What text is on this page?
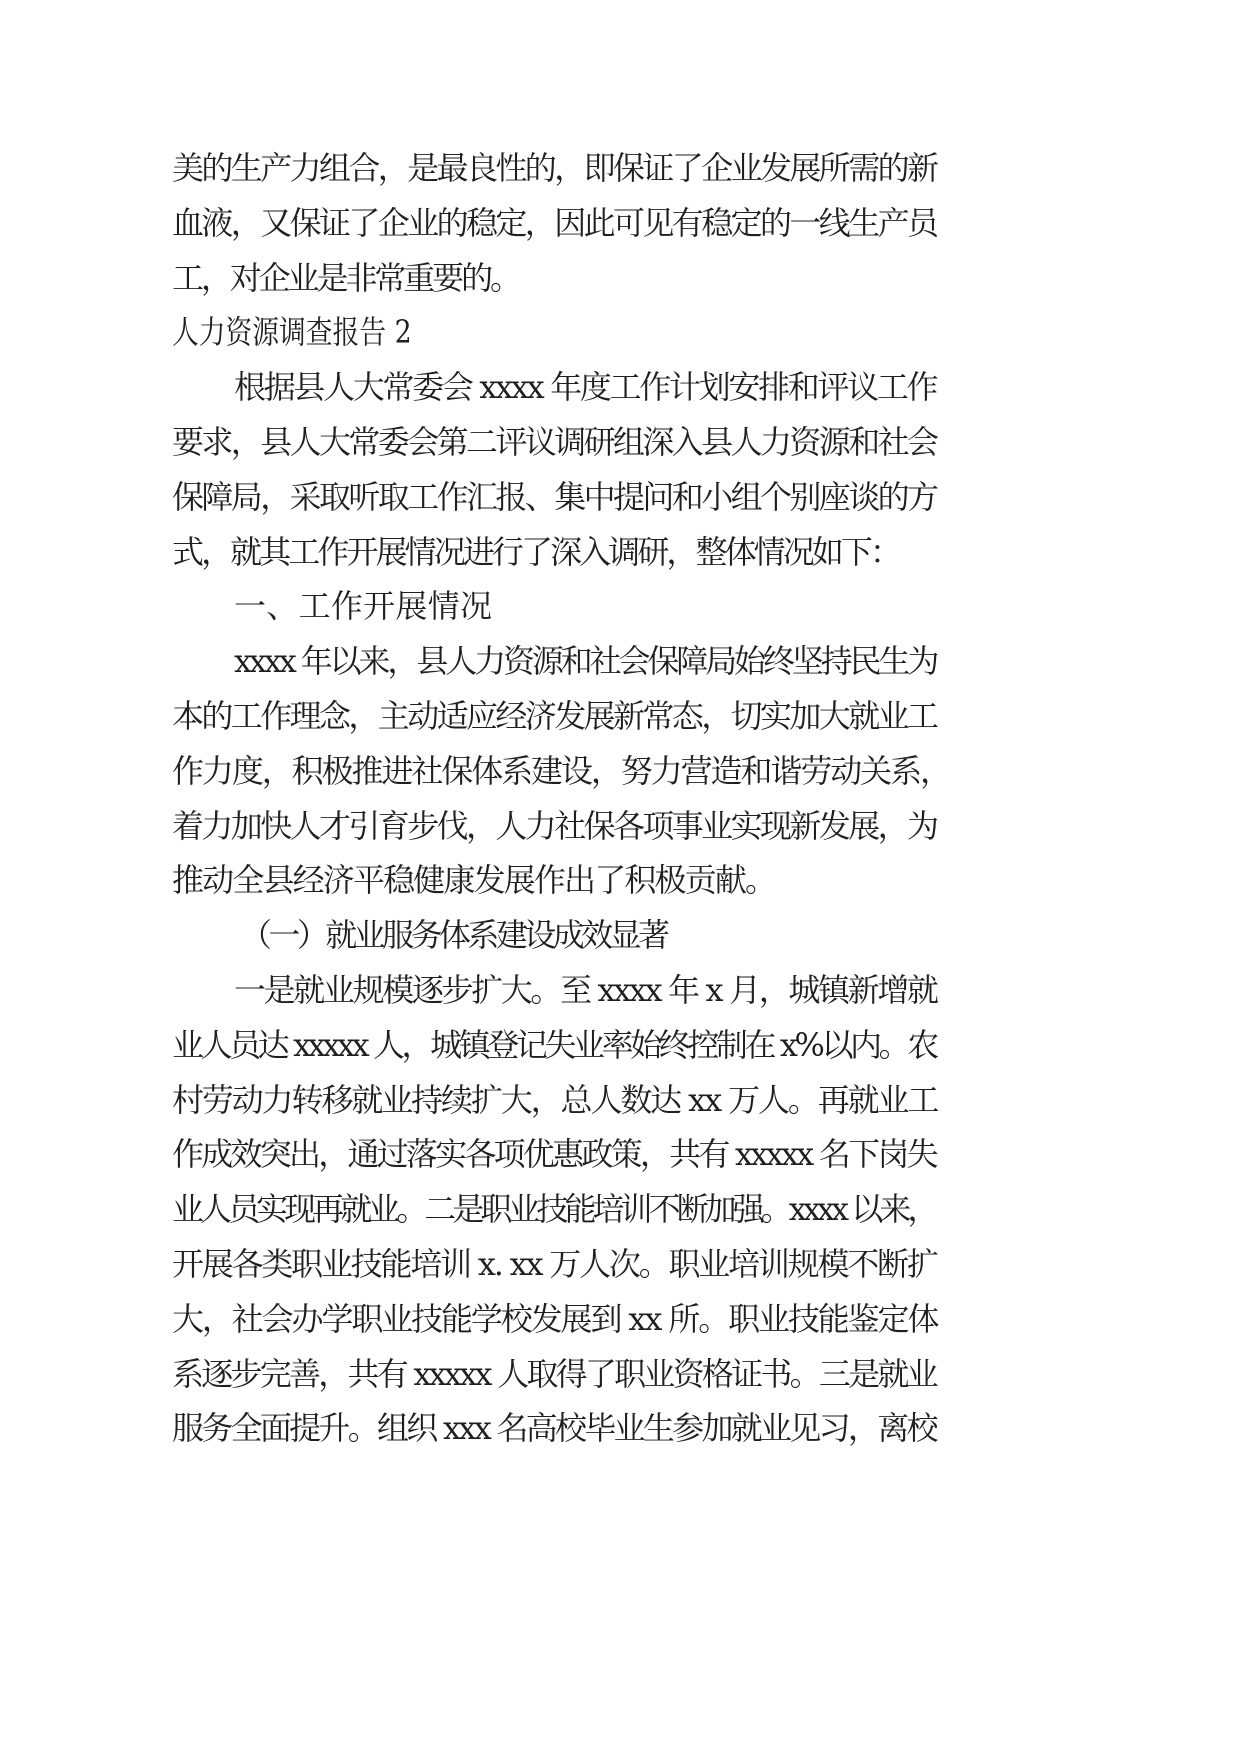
美的生产力组合，是最良性的，即保证了企业发展所需的新
血液，又保证了企业的稳定，因此可见有稳定的一线生产员
工，对企业是非常重要的。
人力资源调查报告 2
根据县人大常委会 xxxx 年度工作计划安排和评议工作
要求，县人大常委会第二评议调研组深入县人力资源和社会
保障局，采取听取工作汇报、集中提问和小组个别座谈的方
式，就其工作开展情况进行了深入调研，整体情况如下：
一、工作开展情况
xxxx 年以来，县人力资源和社会保障局始终坚持民生为
本的工作理念，主动适应经济发展新常态，切实加大就业工
作力度，积极推进社保体系建设，努力营造和谐劳动关系，
着力加快人才引育步伐，人力社保各项事业实现新发展，为
推动全县经济平稳健康发展作出了积极贡献。
（一）就业服务体系建设成效显著
一是就业规模逐步扩大。至 xxxx 年 x 月，城镇新增就
业人员达 xxxxx 人，城镇登记失业率始终控制在 x%以内。农
村劳动力转移就业持续扩大，总人数达 xx 万人。再就业工
作成效突出，通过落实各项优惠政策，共有 xxxxx 名下岗失
业人员实现再就业。二是职业技能培训不断加强。xxxx 以来，
开展各类职业技能培训 x. xx 万人次。职业培训规模不断扩
大，社会办学职业技能学校发展到 xx 所。职业技能鉴定体
系逐步完善，共有 xxxxx 人取得了职业资格证书。三是就业
服务全面提升。组织 xxx 名高校毕业生参加就业见习，离校
